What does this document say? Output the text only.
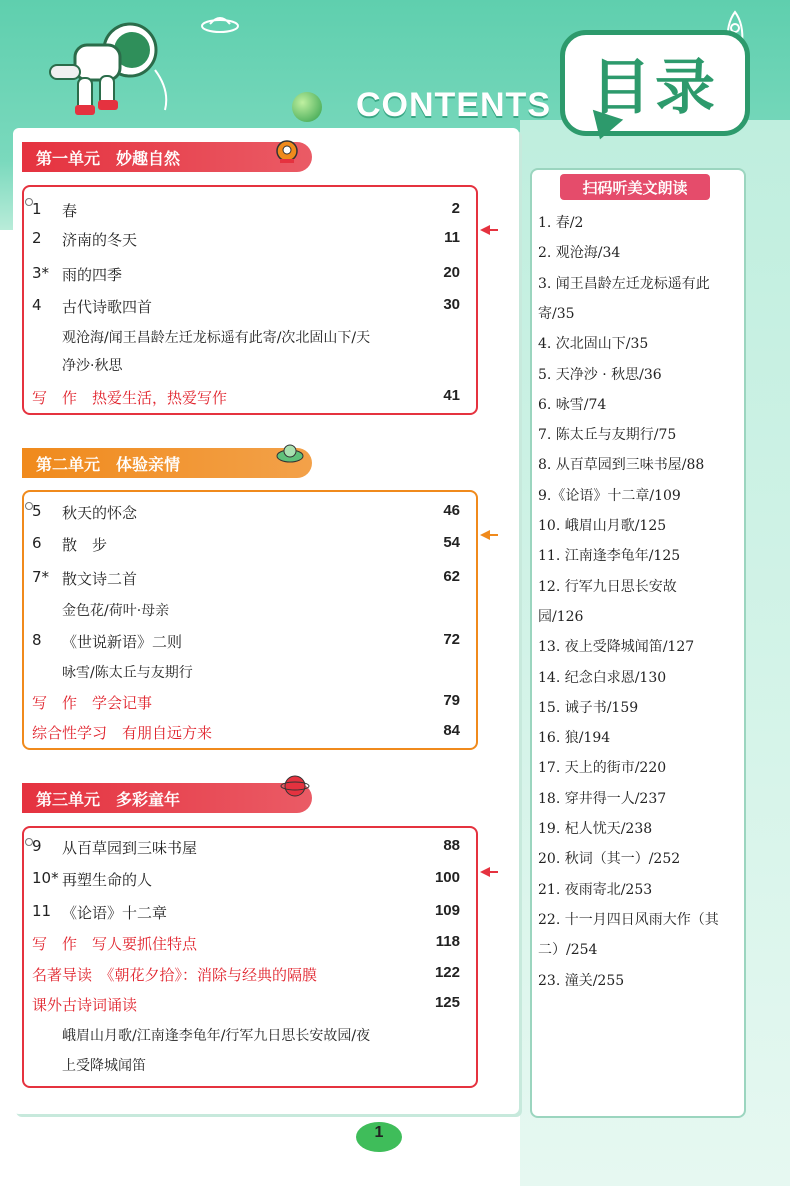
CONTENTS 目录
第一单元　妙趣自然
第二单元　体验亲情
第三单元　多彩童年
扫码听美文朗读
1. 春/2
2. 观沧海/34
3. 闻王昌龄左迁龙标遥有此
寄/35
4. 次北固山下/35
5. 天净沙 · 秋思/36
6. 咏雪/74
7. 陈太丘与友期行/75
8. 从百草园到三味书屋/88
9.《论语》十二章/109
10. 峨眉山月歌/125
11. 江南逢李龟年/125
12. 行军九日思长安故
园/126
13. 夜上受降城闻笛/127
14. 纪念白求恩/130
15. 诫子书/159
16. 狼/194
17. 天上的街市/220
18. 穿井得一人/237
19. 杞人忧天/238
20. 秋词（其一）/252
21. 夜雨寄北/253
22. 十一月四日风雨大作（其
二）/254
23. 潼关/255
1
1 春	2
2 济南的冬天	11
3* 雨的四季	20
4 古代诗歌四首	30
观沧海/闻王昌龄左迁龙标遥有此寄/次北固山下/天
净沙·秋思
写　作　热爱生活，热爱写作	41
5 秋天的怀念	46
6 散　步	54
7* 散文诗二首	62
金色花/荷叶·母亲
8 《世说新语》二则	72
咏雪/陈太丘与友期行
写　作　学会记事	79
综合性学习　有朋自远方来	84
9 从百草园到三味书屋	88
10* 再塑生命的人	100
11 《论语》十二章	109
写　作　写人要抓住特点	118
名著导读　《朝花夕拾》：消除与经典的隔膜	122
课外古诗词诵读	125
峨眉山月歌/江南逢李龟年/行军九日思长安故园/夜
上受降城闻笛
